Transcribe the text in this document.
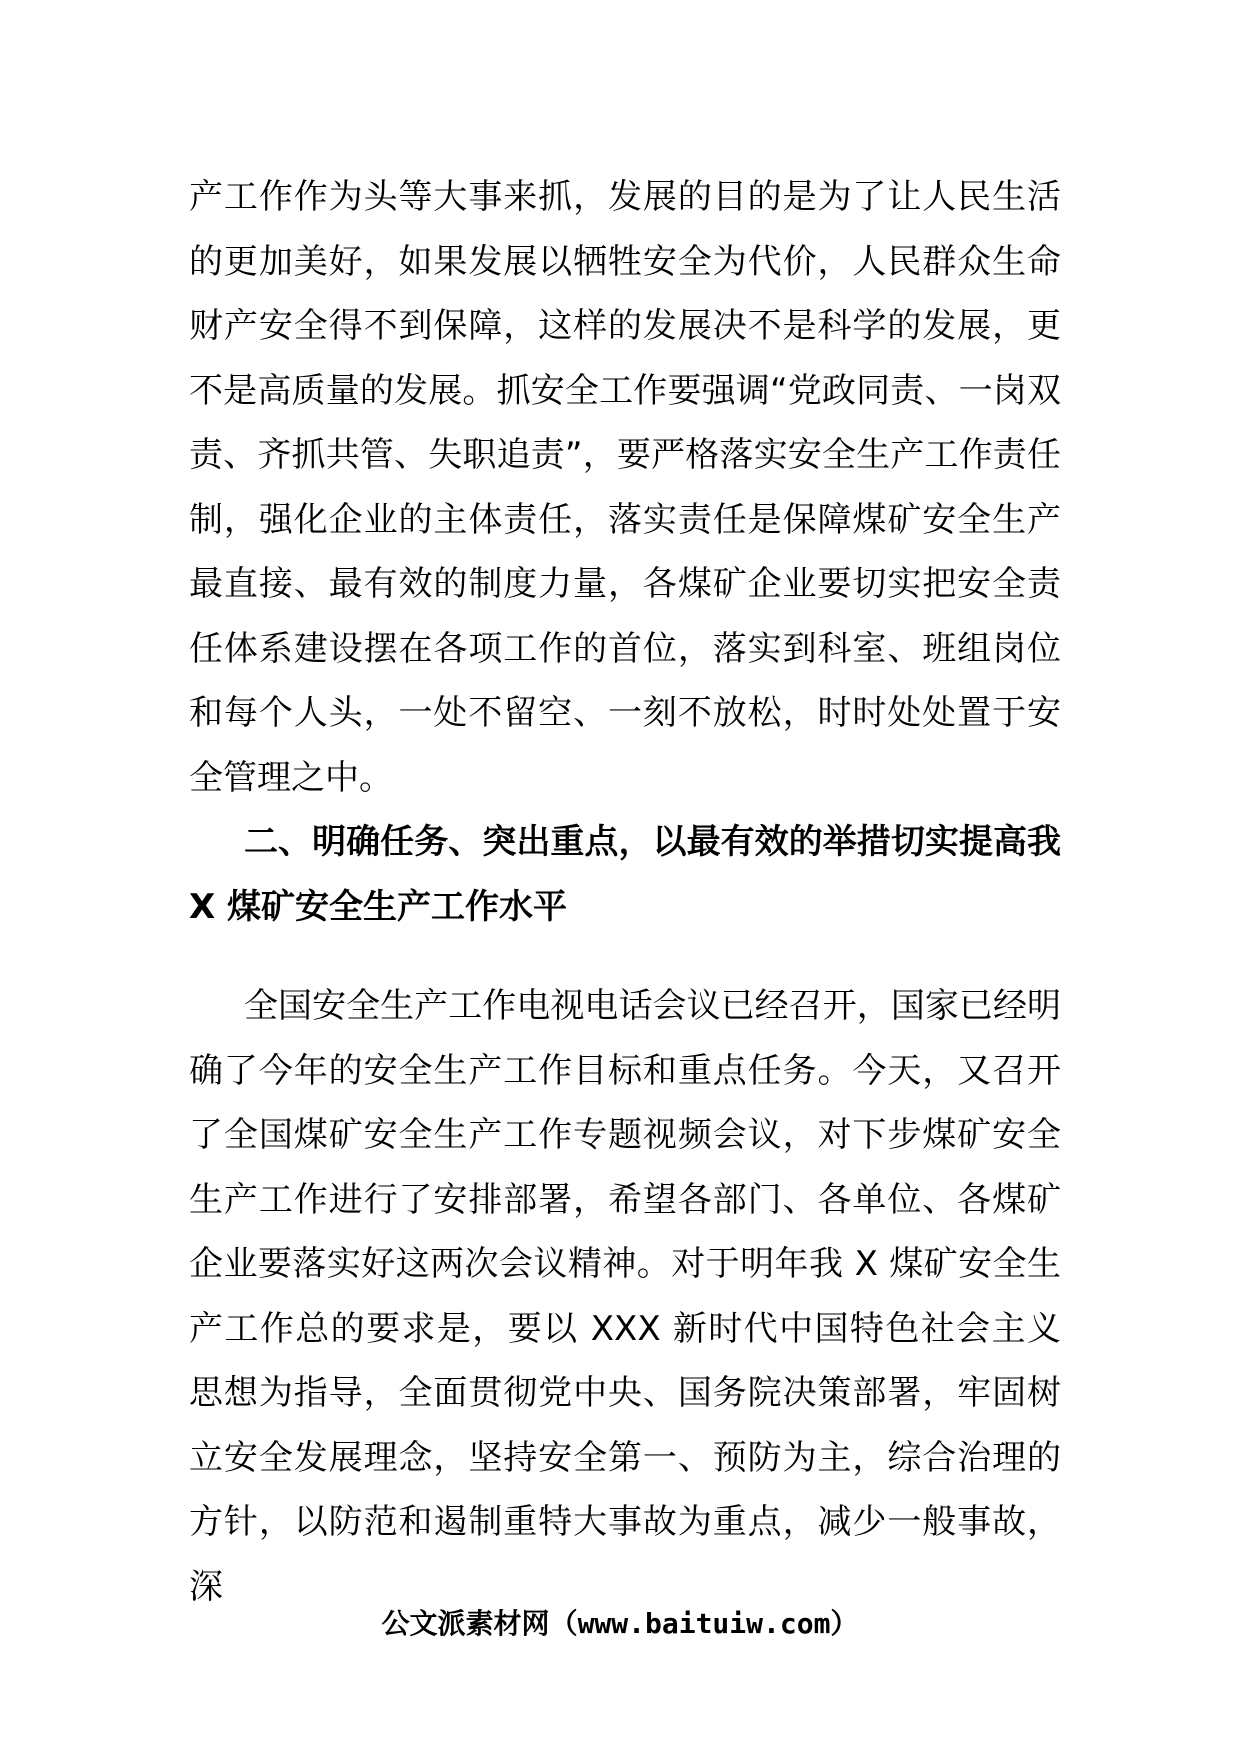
产工作作为头等大事来抓，发展的目的是为了让人民生活的更加美好，如果发展以牺牲安全为代价，人民群众生命财产安全得不到保障，这样的发展决不是科学的发展，更不是高质量的发展。抓安全工作要强调“党政同责、一岗双责、齐抓共管、失职追责”，要严格落实安全生产工作责任制，强化企业的主体责任，落实责任是保障煤矿安全生产最直接、最有效的制度力量，各煤矿企业要切实把安全责任体系建设摆在各项工作的首位，落实到科室、班组岗位和每个人头，一处不留空、一刻不放松，时时处处置于安全管理之中。
二、明确任务、突出重点，以最有效的举措切实提高我 X 煤矿安全生产工作水平
全国安全生产工作电视电话会议已经召开，国家已经明确了今年的安全生产工作目标和重点任务。今天，又召开了全国煤矿安全生产工作专题视频会议，对下步煤矿安全生产工作进行了安排部署，希望各部门、各单位、各煤矿企业要落实好这两次会议精神。对于明年我 X 煤矿安全生产工作总的要求是，要以 XXX 新时代中国特色社会主义思想为指导，全面贯彻党中央、国务院决策部署，牢固树立安全发展理念，坚持安全第一、预防为主，综合治理的方针，以防范和遏制重特大事故为重点，减少一般事故，深
公文派素材网（www.baituiw.com）
